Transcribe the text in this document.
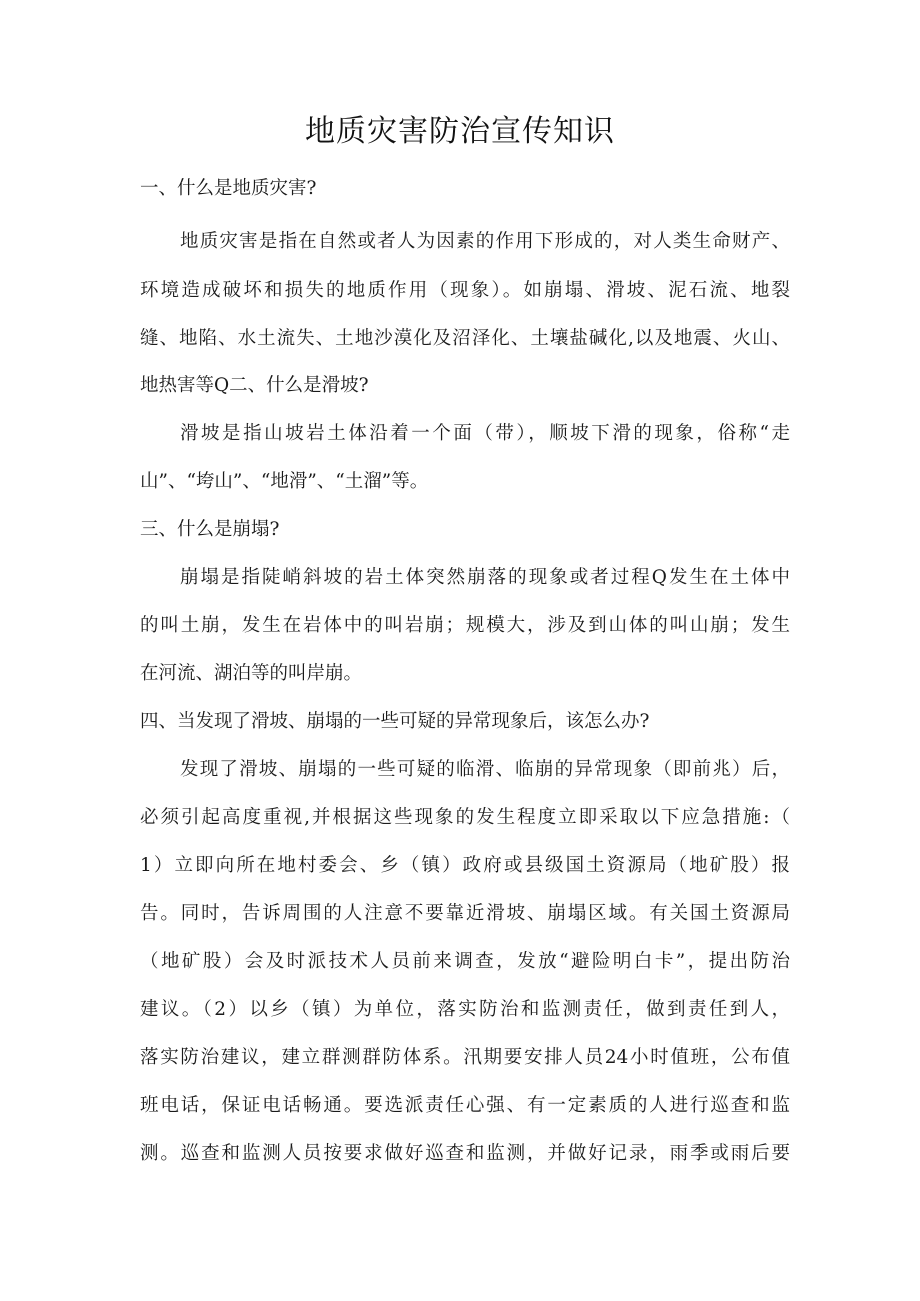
地质灾害防治宣传知识
一、什么是地质灾害?
地质灾害是指在自然或者人为因素的作用下形成的，对人类生命财产、
环境造成破坏和损失的地质作用（现象）。如崩塌、滑坡、泥石流、地裂
缝、地陷、水土流失、土地沙漠化及沼泽化、土壤盐碱化,以及地震、火山、
地热害等Q二、什么是滑坡?
滑坡是指山坡岩土体沿着一个面（带），顺坡下滑的现象，俗称“走
山”、“垮山”、“地滑”、“土溜”等。
三、什么是崩塌?
崩塌是指陡峭斜坡的岩土体突然崩落的现象或者过程Q发生在土体中
的叫土崩，发生在岩体中的叫岩崩；规模大，涉及到山体的叫山崩；发生
在河流、湖泊等的叫岸崩。
四、当发现了滑坡、崩塌的一些可疑的异常现象后，该怎么办?
发现了滑坡、崩塌的一些可疑的临滑、临崩的异常现象（即前兆）后，
必须引起高度重视,并根据这些现象的发生程度立即采取以下应急措施:（
1）立即向所在地村委会、乡（镇）政府或县级国土资源局（地矿股）报
告。同时，告诉周围的人注意不要靠近滑坡、崩塌区域。有关国土资源局
（地矿股）会及时派技术人员前来调查，发放“避险明白卡”，提出防治
建议。（2）以乡（镇）为单位，落实防治和监测责任，做到责任到人，
落实防治建议，建立群测群防体系。汛期要安排人员24小时值班，公布值
班电话，保证电话畅通。要选派责任心强、有一定素质的人进行巡查和监
测。巡查和监测人员按要求做好巡查和监测，并做好记录，雨季或雨后要
